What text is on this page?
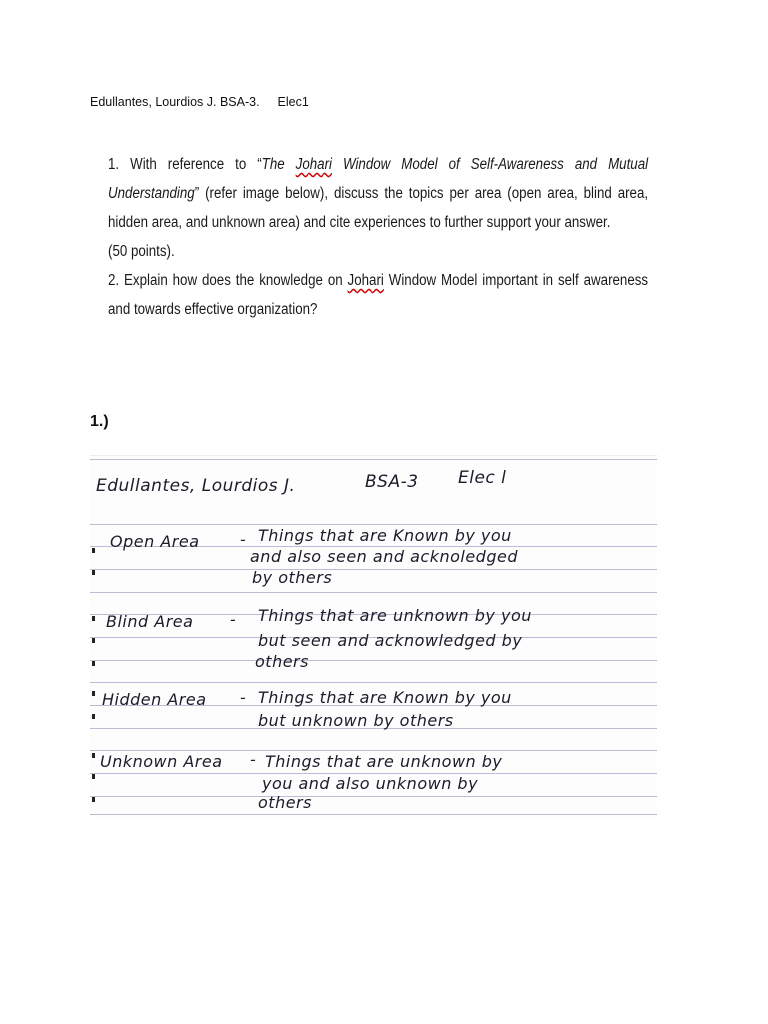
Edullantes, Lourdios J. BSA-3. Elec1

1. With reference to “The Johari Window Model of Self-Awareness and Mutual Understanding” (refer image below), discuss the topics per area (open area, blind area, hidden area, and unknown area) and cite experiences to further support your answer.

(50 points).

2. Explain how does the knowledge on Johari Window Model important in self awareness and towards effective organization?

1.)
Edullantes, Lourdios J.	BSA-3 Elec l
Open Area	- Things that are Known by you
and also seen and acknoledged
by others
Blind Area - Things that are unknown by you
but seen and acknowledged by
others
Hidden Area - Things that are Known by you
but unknown by others
Unknown Area - Things that are unknown by
you and also unknown by
others
